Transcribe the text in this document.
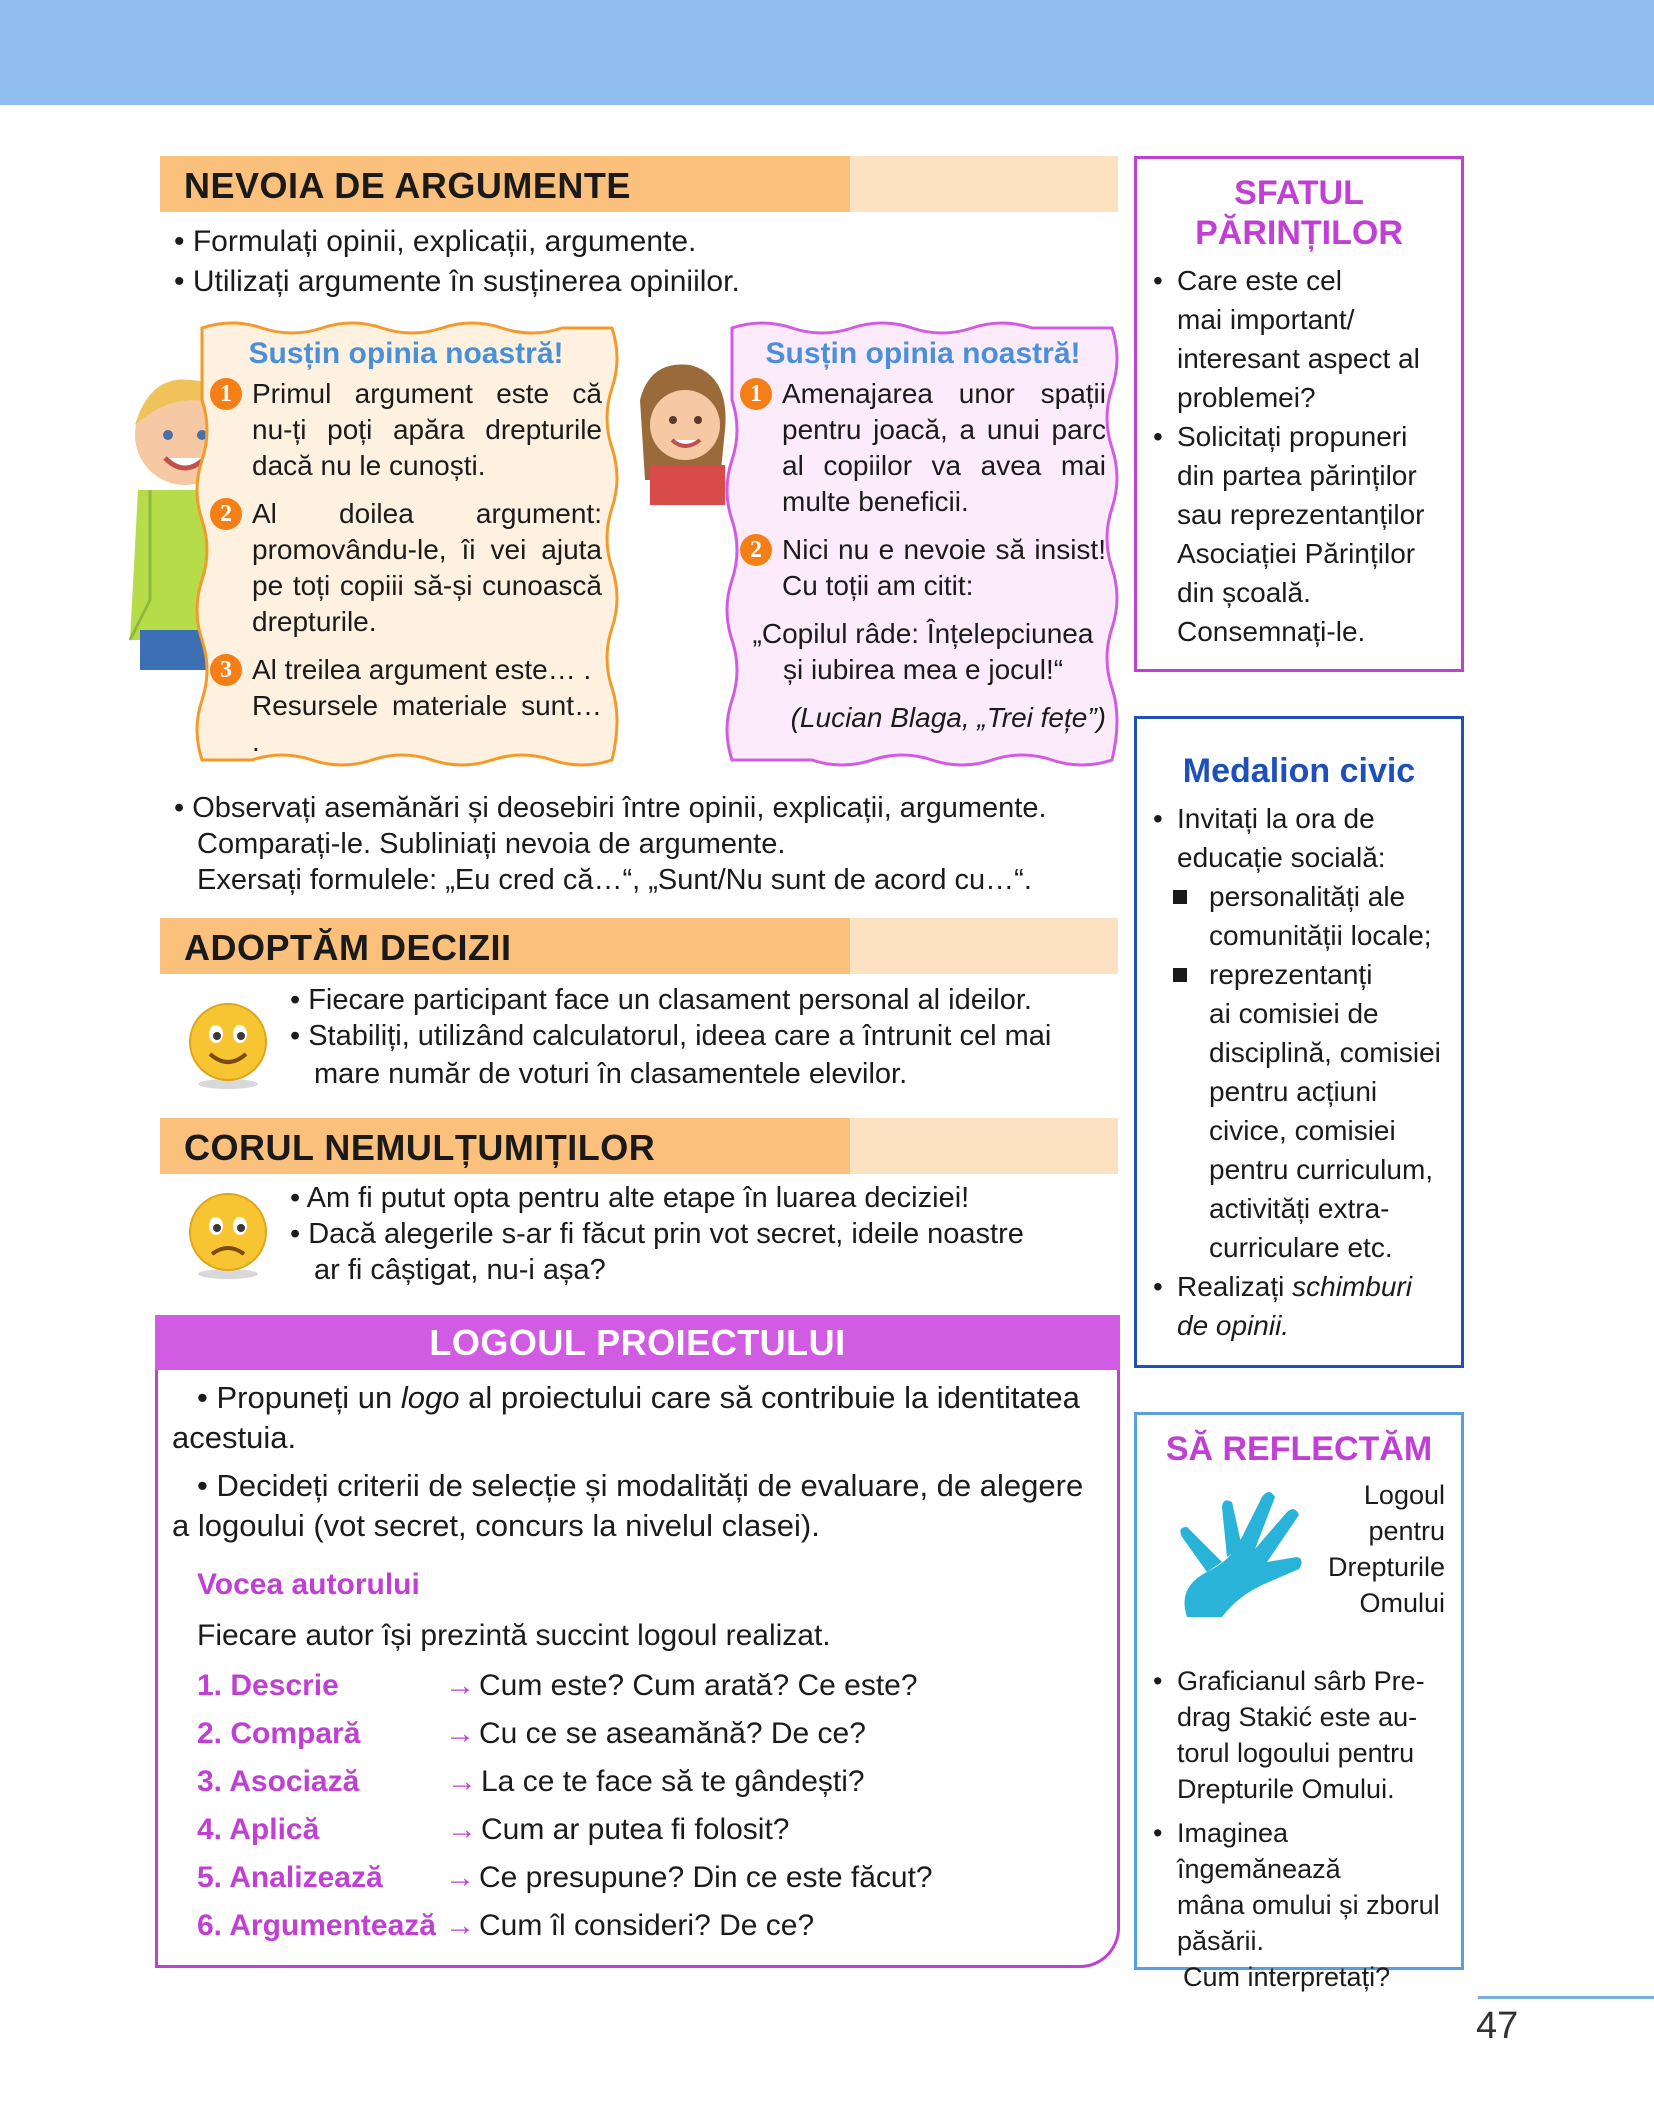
NEVOIA DE ARGUMENTE
• Formulați opinii, explicații, argumente.
• Utilizați argumente în susținerea opiniilor.
Susțin opinia noastră!
1 Primul argument este că nu-ți poți apăra drepturile dacă nu le cunoști.
2 Al doilea argument: promovându-le, îi vei ajuta pe toți copiii să-și cunoască drepturile.
3 Al treilea argument este… .
Resursele materiale sunt… .
Susțin opinia noastră!
1 Amenajarea unor spații pentru joacă, a unui parc al copiilor va avea mai multe beneficii.
2 Nici nu e nevoie să insist! Cu toții am citit:
„Copilul râde: Înțelepciunea și iubirea mea e jocul!“
(Lucian Blaga, „Trei fețe”)
• Observați asemănări și deosebiri între opinii, explicații, argumente.
Comparați-le. Subliniați nevoia de argumente.
Exersați formulele: „Eu cred că…“, „Sunt/Nu sunt de acord cu…“.
ADOPTĂM DECIZII
• Fiecare participant face un clasament personal al ideilor.
• Stabiliți, utilizând calculatorul, ideea care a întrunit cel mai
mare număr de voturi în clasamentele elevilor.
CORUL NEMULȚUMIȚILOR
• Am fi putut opta pentru alte etape în luarea deciziei!
• Dacă alegerile s-ar fi făcut prin vot secret, ideile noastre
ar fi câștigat, nu-i așa?
LOGOUL PROIECTULUI
• Propuneți un logo al proiectului care să contribuie la identitatea
acestuia.
• Decideți criterii de selecție și modalități de evaluare, de alegere
a logoului (vot secret, concurs la nivelul clasei).
Vocea autorului
Fiecare autor își prezintă succint logoul realizat.
1. Descrie	→ Cum este? Cum arată? Ce este?
2. Compară	→ Cu ce se aseamănă? De ce?
3. Asociază	→ La ce te face să te gândești?
4. Aplică	→ Cum ar putea fi folosit?
5. Analizează → Ce presupune? Din ce este făcut?
6. Argumentează → Cum îl consideri? De ce?
SFATUL
PĂRINȚILOR
• Care este cel
mai important/
interesant aspect al
problemei?
• Solicitați propuneri
din partea părinților
sau reprezentanților
Asociației Părinților
din școală.
Consemnați-le.
Medalion civic
• Invitați la ora de
educație socială:
personalități ale
comunității locale;
reprezentanți
ai comisiei de
disciplină, comisiei
pentru acțiuni
civice, comisiei
pentru curriculum,
activități extra-
curriculare etc.
• Realizați schimburi
de opinii.
SĂ REFLECTĂM
Logoul
pentru
Drepturile
Omului
• Graficianul sârb Pre-
drag Stakić este au-
torul logoului pentru
Drepturile Omului.
• Imaginea îngemănează
mâna omului și zborul
păsării.
Cum interpretați?
47
